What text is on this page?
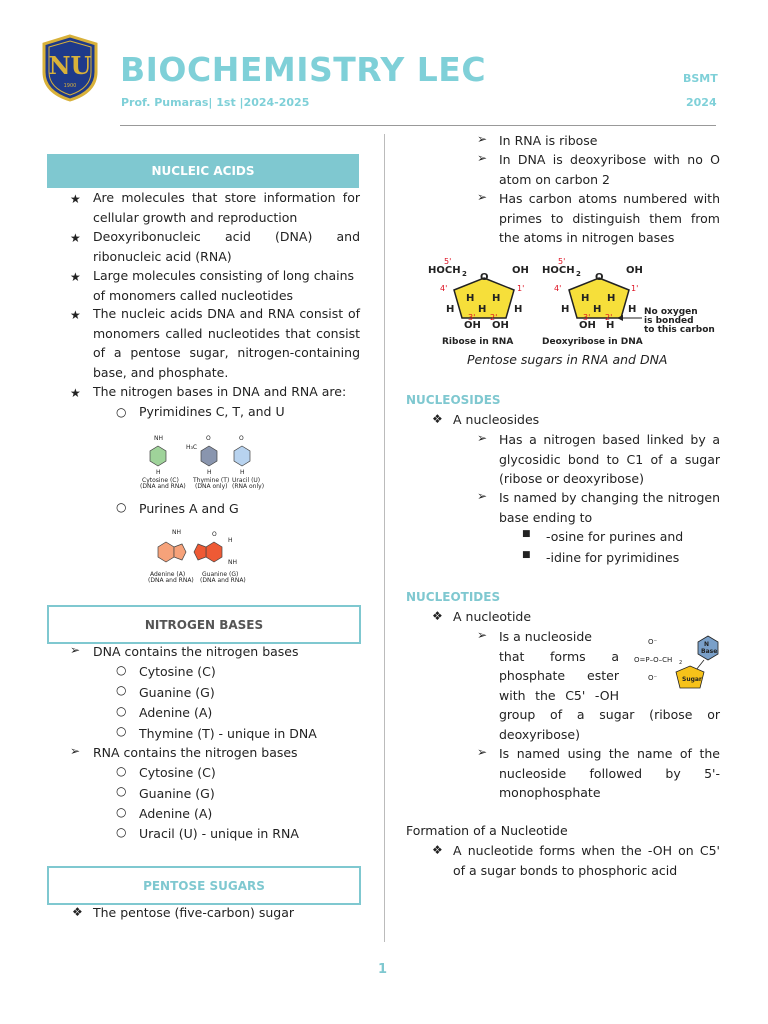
NU
1900 BIOCHEMISTRY LEC
Prof. Pumaras| 1st |2024-2025
BSMT
2024
NUCLEIC ACIDS
★ Are molecules that store information for cellular growth and reproduction
★ Deoxyribonucleic acid (DNA) and ribonucleic acid (RNA)
★ Large molecules consisting of long chains of monomers called nucleotides
★ The nucleic acids DNA and RNA consist of monomers called nucleotides that consist of a pentose sugar, nitrogen-containing base, and phosphate.
★ The nitrogen bases in DNA and RNA are:
○ Pyrimidines C, T, and U
NH	O	O
H₃C
H	H	H
Cytosine (C)
(DNA and RNA)
Thymine (T)
(DNA only)
Uracil (U)
(RNA only)
○ Purines A and G
NH	O
H
NH
Adenine (A)
(DNA and RNA)
Guanine (G)
(DNA and RNA)
NITROGEN BASES
➢ DNA contains the nitrogen bases
○ Cytosine (C)
○ Guanine (G)
○ Adenine (A)
○ Thymine (T) - unique in DNA
➢ RNA contains the nitrogen bases
○ Cytosine (C)
○ Guanine (G)
○ Adenine (A)
○ Uracil (U) - unique in RNA
PENTOSE SUGARS
❖ The pentose (five-carbon) sugar
➢ In RNA is ribose
➢ In DNA is deoxyribose with no O atom on carbon 2
➢ Has carbon atoms numbered with primes to distinguish them from the atoms in nitrogen bases
HOCH 2 O
OH
H H
H
H	H
OH OH
HOCH 2 O
OH
H H
H
H	H
OH H
No oxygen
is bonded
to this carbon
Ribose in RNA	Deoxyribose in DNA
5'
4'	1'
3' 2'
5'
4'	1'
3' 2'
Pentose sugars in RNA and DNA
NUCLEOSIDES
❖ A nucleosides
➢ Has a nitrogen based linked by a glycosidic bond to C1 of a sugar (ribose or deoxyribose)
➢ Is named by changing the nitrogen base ending to
■ -osine for purines and
■ -idine for pyrimidines
NUCLEOTIDES
❖ A nucleotide
➢ Is a nucleoside
that forms a
phosphate ester
with the C5' -OH
group of a sugar (ribose or deoxyribose)
➢ Is named using the name of the nucleoside followed by 5'-monophosphate
O⁻
O=P–O–CH 2
O⁻
N
Base
Sugar
Formation of a Nucleotide
❖ A nucleotide forms when the -OH on C5' of a sugar bonds to phosphoric acid
1
